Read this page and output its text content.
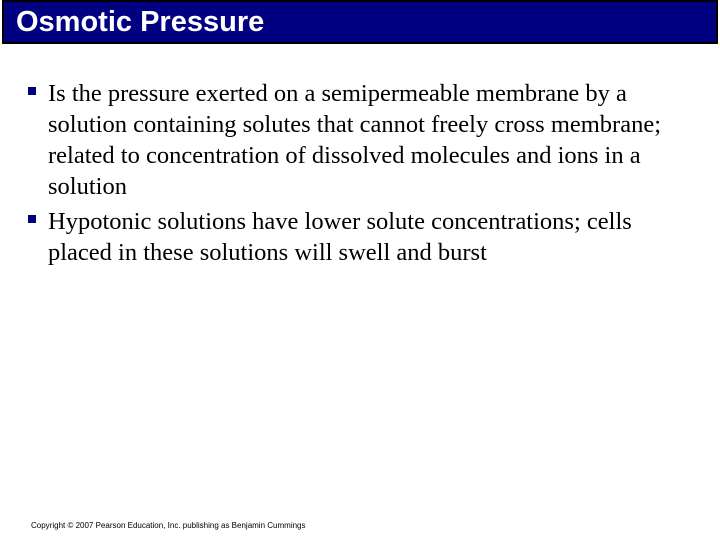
Osmotic Pressure
Is the pressure exerted on a semipermeable membrane by a solution containing solutes that cannot freely cross membrane; related to concentration of dissolved molecules and ions in a solution
Hypotonic solutions have lower solute concentrations; cells placed in these solutions will swell and burst
Copyright © 2007 Pearson Education, Inc. publishing as Benjamin Cummings
